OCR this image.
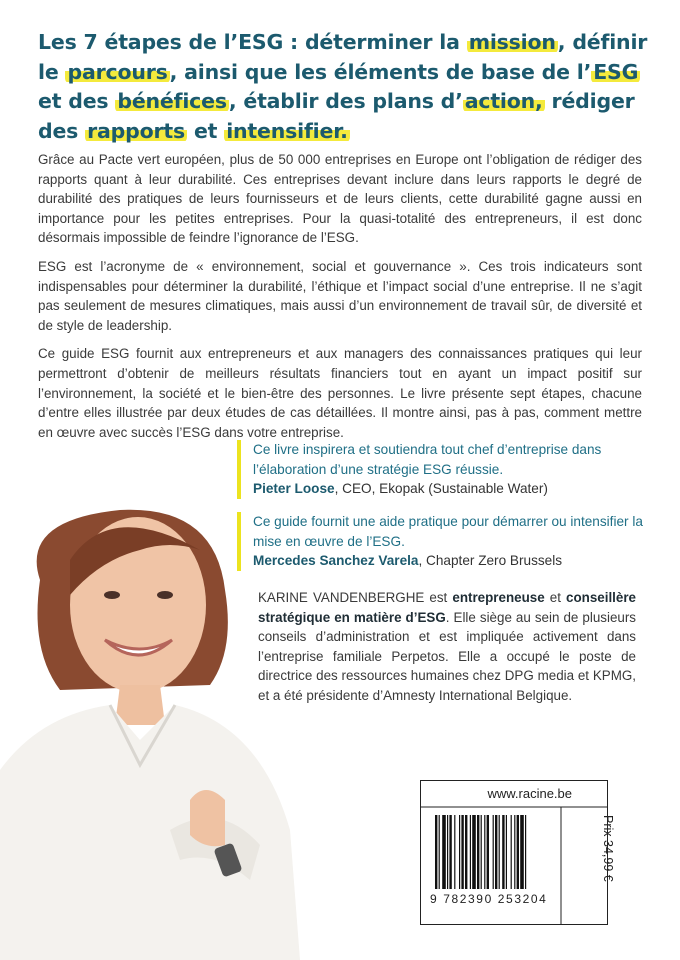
Les 7 étapes de l’ESG : déterminer la mission, définir le parcours, ainsi que les éléments de base de l’ESG et des bénéfices, établir des plans d’action, rédiger des rapports et intensifier.

Grâce au Pacte vert européen, plus de 50 000 entreprises en Europe ont l’obligation de rédiger des rapports quant à leur durabilité. Ces entreprises devant inclure dans leurs rapports le degré de durabilité des pratiques de leurs fournisseurs et de leurs clients, cette durabilité gagne aussi en importance pour les petites entreprises. Pour la quasi-totalité des entrepreneurs, il est donc désormais impossible de feindre l’ignorance de l’ESG.

ESG est l’acronyme de « environnement, social et gouvernance ». Ces trois indicateurs sont indispensables pour déterminer la durabilité, l’éthique et l’impact social d’une entreprise. Il ne s’agit pas seulement de mesures climatiques, mais aussi d’un environnement de travail sûr, de diversité et de style de leadership.

Ce guide ESG fournit aux entrepreneurs et aux managers des connaissances pratiques qui leur permettront d’obtenir de meilleurs résultats financiers tout en ayant un impact positif sur l’environnement, la société et le bien-être des personnes. Le livre présente sept étapes, chacune d’entre elles illustrée par deux études de cas détaillées. Il montre ainsi, pas à pas, comment mettre en œuvre avec succès l’ESG dans votre entreprise.

Ce livre inspirera et soutiendra tout chef d’entreprise dans l’élaboration d’une stratégie ESG réussie.
Pieter Loose, CEO, Ekopak (Sustainable Water)
Ce guide fournit une aide pratique pour démarrer ou intensifier la mise en œuvre de l’ESG.
Mercedes Sanchez Varela, Chapter Zero Brussels
KARINE VANDENBERGHE est entrepreneuse et conseillère stratégique en matière d’ESG. Elle siège au sein de plusieurs conseils d’administration et est impliquée activement dans l’entreprise familiale Perpetos. Elle a occupé le poste de directrice des ressources humaines chez DPG media et KPMG, et a été présidente d’Amnesty International Belgique.
www.racine.be
Prix 34,99 €
9 782390 253204
